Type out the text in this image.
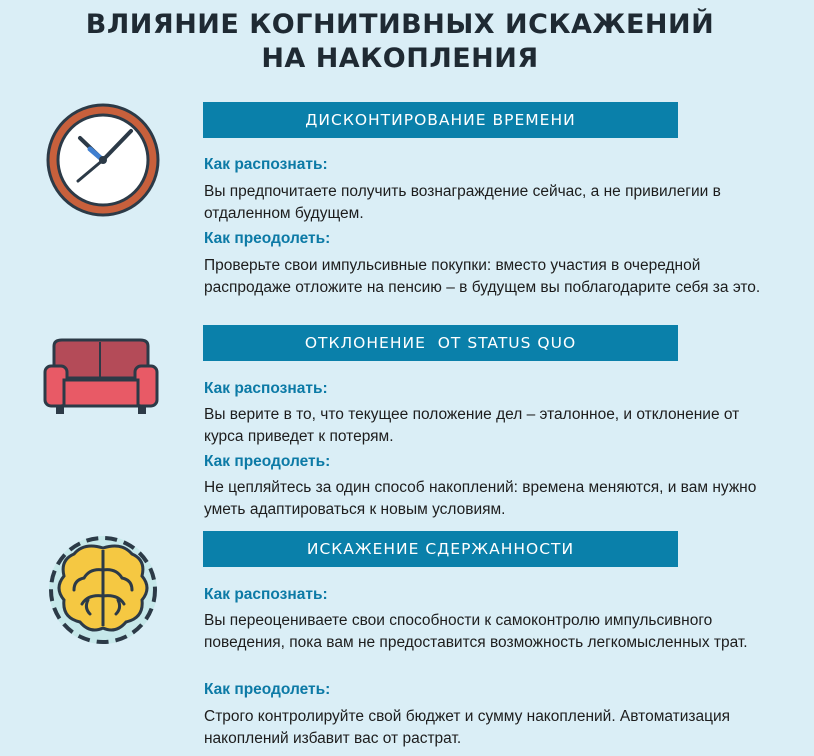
ВЛИЯНИЕ КОГНИТИВНЫХ ИСКАЖЕНИЙ
НА НАКОПЛЕНИЯ
ДИСКОНТИРОВАНИЕ ВРЕМЕНИ
Как распознать:
Вы предпочитаете получить вознаграждение сейчас, а не привилегии в отдаленном будущем.
Как преодолеть:
Проверьте свои импульсивные покупки: вместо участия в очередной распродаже отложите на пенсию – в будущем вы поблагодарите себя за это.
ОТКЛОНЕНИЕ  ОТ STATUS QUO
Как распознать:
Вы верите в то, что текущее положение дел – эталонное, и отклонение от курса приведет к потерям.
Как преодолеть:
Не цепляйтесь за один способ накоплений: времена меняются, и вам нужно уметь адаптироваться к новым условиям.
ИСКАЖЕНИЕ СДЕРЖАННОСТИ
Как распознать:
Вы переоцениваете свои способности к самоконтролю импульсивного поведения, пока вам не предоставится возможность легкомысленных трат.
Как преодолеть:
Строго контролируйте свой бюджет и сумму накоплений. Автоматизация накоплений избавит вас от растрат.
